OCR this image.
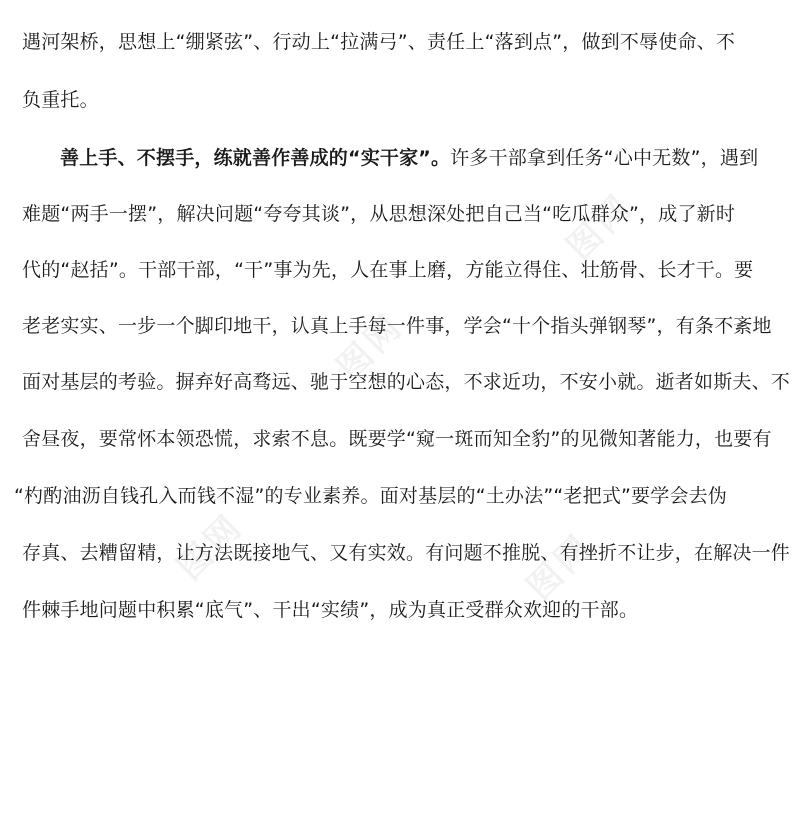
遇河架桥，思想上“绷紧弦”、行动上“拉满弓”、责任上“落到点”，做到不辱使命、不
负重托。
善上手、不摆手，练就善作善成的“实干家”。许多干部拿到任务“心中无数”，遇到
难题“两手一摆”，解决问题“夸夸其谈”，从思想深处把自己当“吃瓜群众”，成了新时
代的“赵括”。干部干部，“干”事为先，人在事上磨，方能立得住、壮筋骨、长才干。要
老老实实、一步一个脚印地干，认真上手每一件事，学会“十个指头弹钢琴”，有条不紊地
面对基层的考验。摒弃好高骛远、驰于空想的心态，不求近功，不安小就。逝者如斯夫、不
舍昼夜，要常怀本领恐慌，求索不息。既要学“窥一斑而知全豹”的见微知著能力，也要有
“杓酌油沥自钱孔入而钱不湿”的专业素养。面对基层的“土办法”“老把式”要学会去伪
存真、去糟留精，让方法既接地气、又有实效。有问题不推脱、有挫折不让步，在解决一件
件棘手地问题中积累“底气”、干出“实绩”，成为真正受群众欢迎的干部。
图网
图网
图网	图网
